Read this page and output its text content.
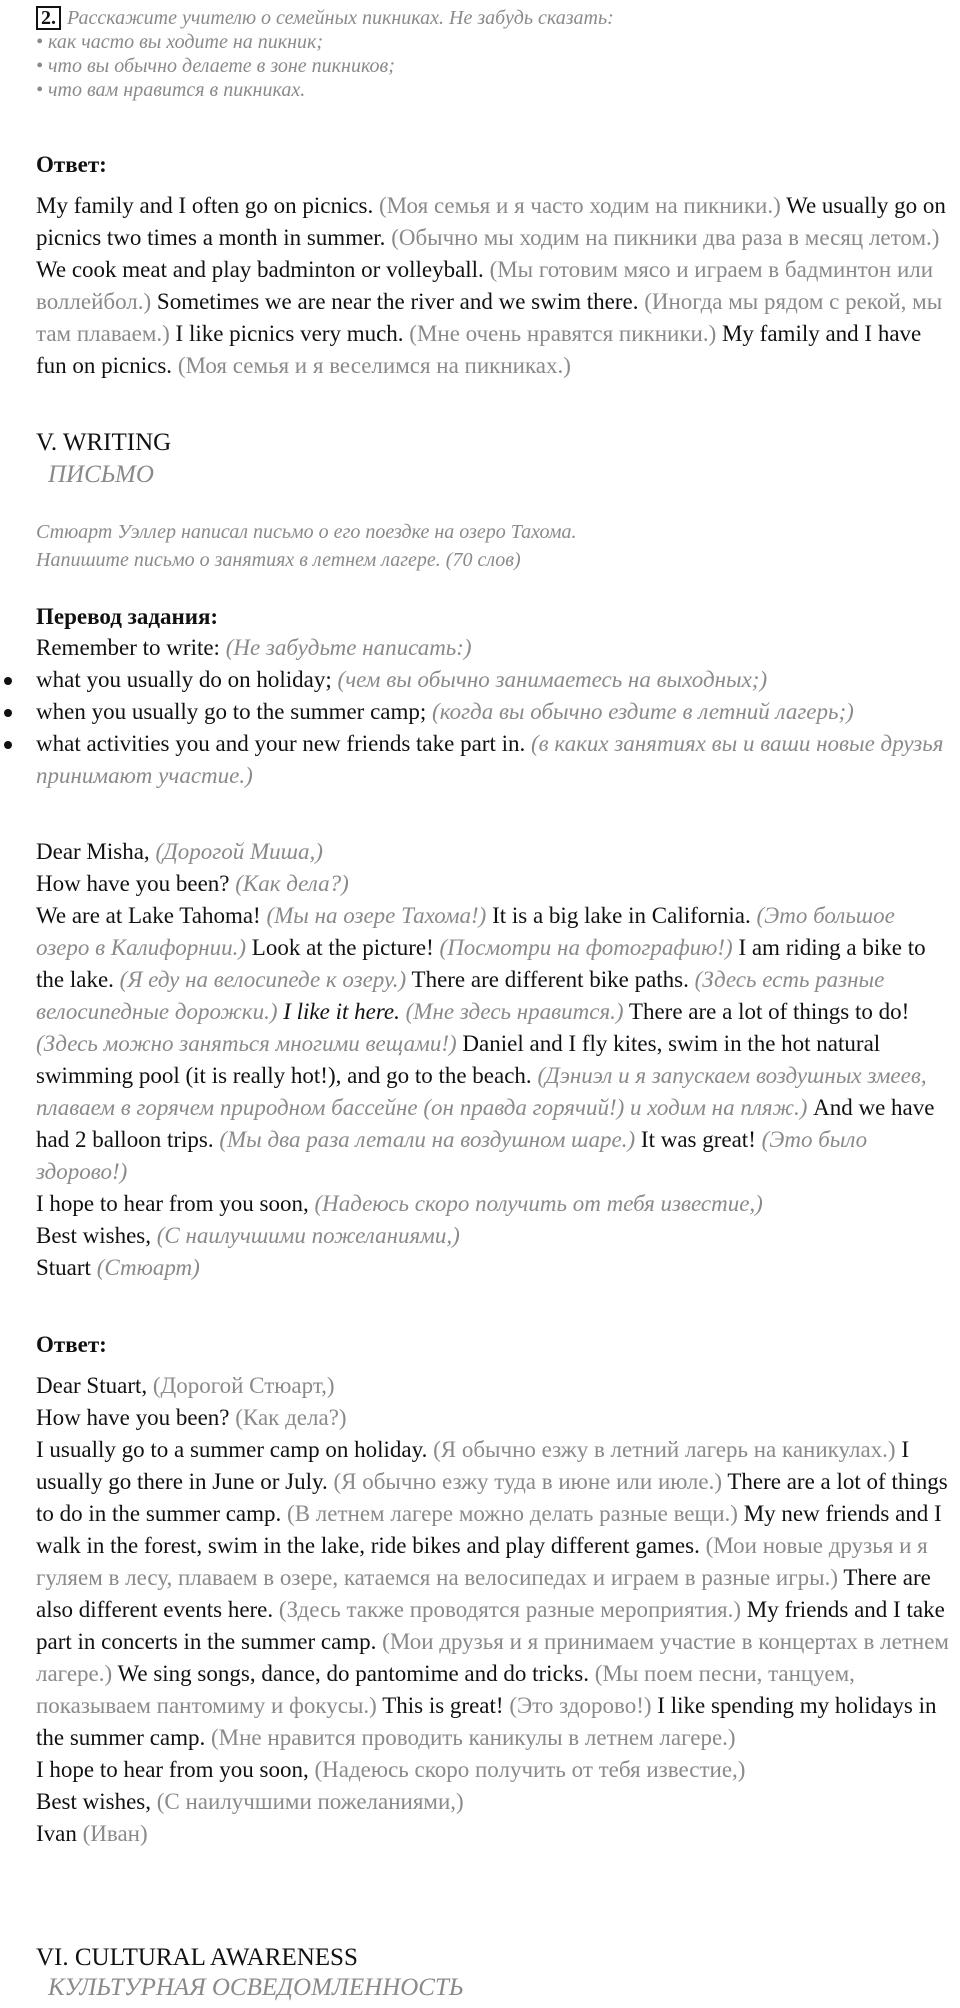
2. Расскажите учителю о семейных пикниках. Не забудь сказать:
• как часто вы ходите на пикник;
• что вы обычно делаете в зоне пикников;
• что вам нравится в пикниках.
Ответ:
My family and I often go on picnics. (Моя семья и я часто ходим на пикники.) We usually go on picnics two times a month in summer. (Обычно мы ходим на пикники два раза в месяц летом.) We cook meat and play badminton or volleyball. (Мы готовим мясо и играем в бадминтон или воллейбол.) Sometimes we are near the river and we swim there. (Иногда мы рядом с рекой, мы там плаваем.) I like picnics very much. (Мне очень нравятся пикники.) My family and I have fun on picnics. (Моя семья и я веселимся на пикниках.)
V. WRITING
ПИСЬМО
Стюарт Уэллер написал письмо о его поездке на озеро Тахома.
Напишите письмо о занятиях в летнем лагере. (70 слов)
Перевод задания:
Remember to write: (Не забудьте написать:)
what you usually do on holiday; (чем вы обычно занимаетесь на выходных;)
when you usually go to the summer camp; (когда вы обычно ездите в летний лагерь;)
what activities you and your new friends take part in. (в каких занятиях вы и ваши новые друзья принимают участие.)

Dear Misha, (Дорогой Миша,)

How have you been? (Как дела?)

We are at Lake Tahoma! (Мы на озере Тахома!) It is a big lake in California. (Это большое озеро в Калифорнии.) Look at the picture! (Посмотри на фотографию!) I am riding a bike to the lake. (Я еду на велосипеде к озеру.) There are different bike paths. (Здесь есть разные велосипедные дорожки.) I like it here. (Мне здесь нравится.) There are a lot of things to do! (Здесь можно заняться многими вещами!) Daniel and I fly kites, swim in the hot natural swimming pool (it is really hot!), and go to the beach. (Дэниэл и я запускаем воздушных змеев, плаваем в горячем природном бассейне (он правда горячий!) и ходим на пляж.) And we have had 2 balloon trips. (Мы два раза летали на воздушном шаре.) It was great! (Это было здорово!)

I hope to hear from you soon, (Надеюсь скоро получить от тебя известие,)

Best wishes, (С наилучшими пожеланиями,)

Stuart (Стюарт)

Ответ:

Dear Stuart, (Дорогой Стюарт,)

How have you been? (Как дела?)

I usually go to a summer camp on holiday. (Я обычно езжу в летний лагерь на каникулах.) I usually go there in June or July. (Я обычно езжу туда в июне или июле.) There are a lot of things to do in the summer camp. (В летнем лагере можно делать разные вещи.) My new friends and I walk in the forest, swim in the lake, ride bikes and play different games. (Мои новые друзья и я гуляем в лесу, плаваем в озере, катаемся на велосипедах и играем в разные игры.) There are also different events here. (Здесь также проводятся разные мероприятия.) My friends and I take part in concerts in the summer camp. (Мои друзья и я принимаем участие в концертах в летнем лагере.) We sing songs, dance, do pantomime and do tricks. (Мы поем песни, танцуем, показываем пантомиму и фокусы.) This is great! (Это здорово!) I like spending my holidays in the summer camp. (Мне нравится проводить каникулы в летнем лагере.)

I hope to hear from you soon, (Надеюсь скоро получить от тебя известие,)

Best wishes, (С наилучшими пожеланиями,)

Ivan (Иван)

VI. CULTURAL AWARENESS
КУЛЬТУРНАЯ ОСВЕДОМЛЕННОСТЬ
